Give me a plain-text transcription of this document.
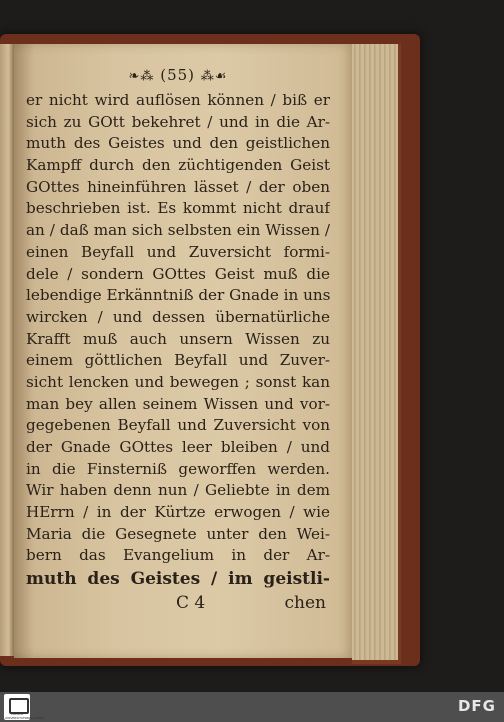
❧⁂ (55) ⁂☙
er nicht wird auflösen können / biß er
sich zu GOtt bekehret / und in die Ar-
muth des Geistes und den geistlichen
Kampff durch den züchtigenden Geist
GOttes hineinführen lässet / der oben
beschrieben ist. Es kommt nicht drauf
an / daß man sich selbsten ein Wissen /
einen Beyfall und Zuversicht formi-
dele / sondern GOttes Geist muß die
lebendige Erkänntniß der Gnade in uns
wircken / und dessen übernatürliche
Krafft muß auch unsern Wissen zu
einem göttlichen Beyfall und Zuver-
sicht lencken und bewegen ; sonst kan
man bey allen seinem Wissen und vor-
gegebenen Beyfall und Zuversicht von
der Gnade GOttes leer bleiben / und
in die Finsterniß geworffen werden.
Wir haben denn nun / Geliebte in dem
HErrn / in der Kürtze erwogen / wie
Maria die Gesegnete unter den Wei-
bern das Evangelium in der Ar-
muth des Geistes / im geistli-
C 4	chen
TRIERER UNIVERSITÄTSBIBLIOTHEK
DFG
